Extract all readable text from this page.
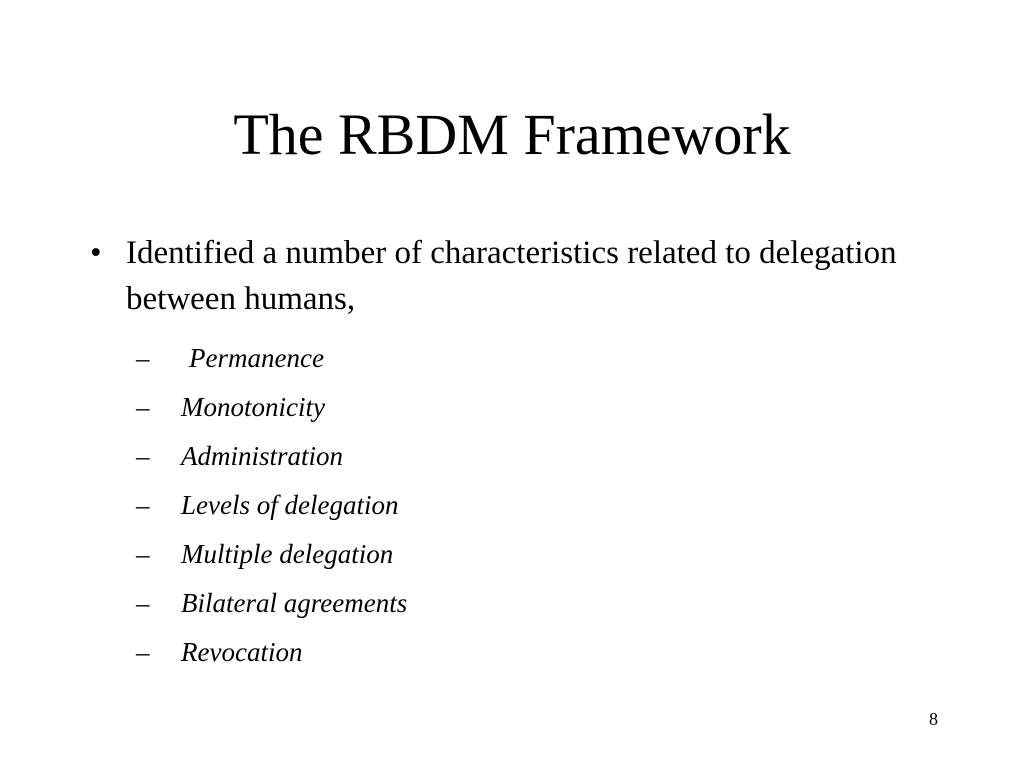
The RBDM Framework
• Identified a number of characteristics related to delegation between humans,
– Permanence
– Monotonicity
– Administration
– Levels of delegation
– Multiple delegation
– Bilateral agreements
– Revocation
8
